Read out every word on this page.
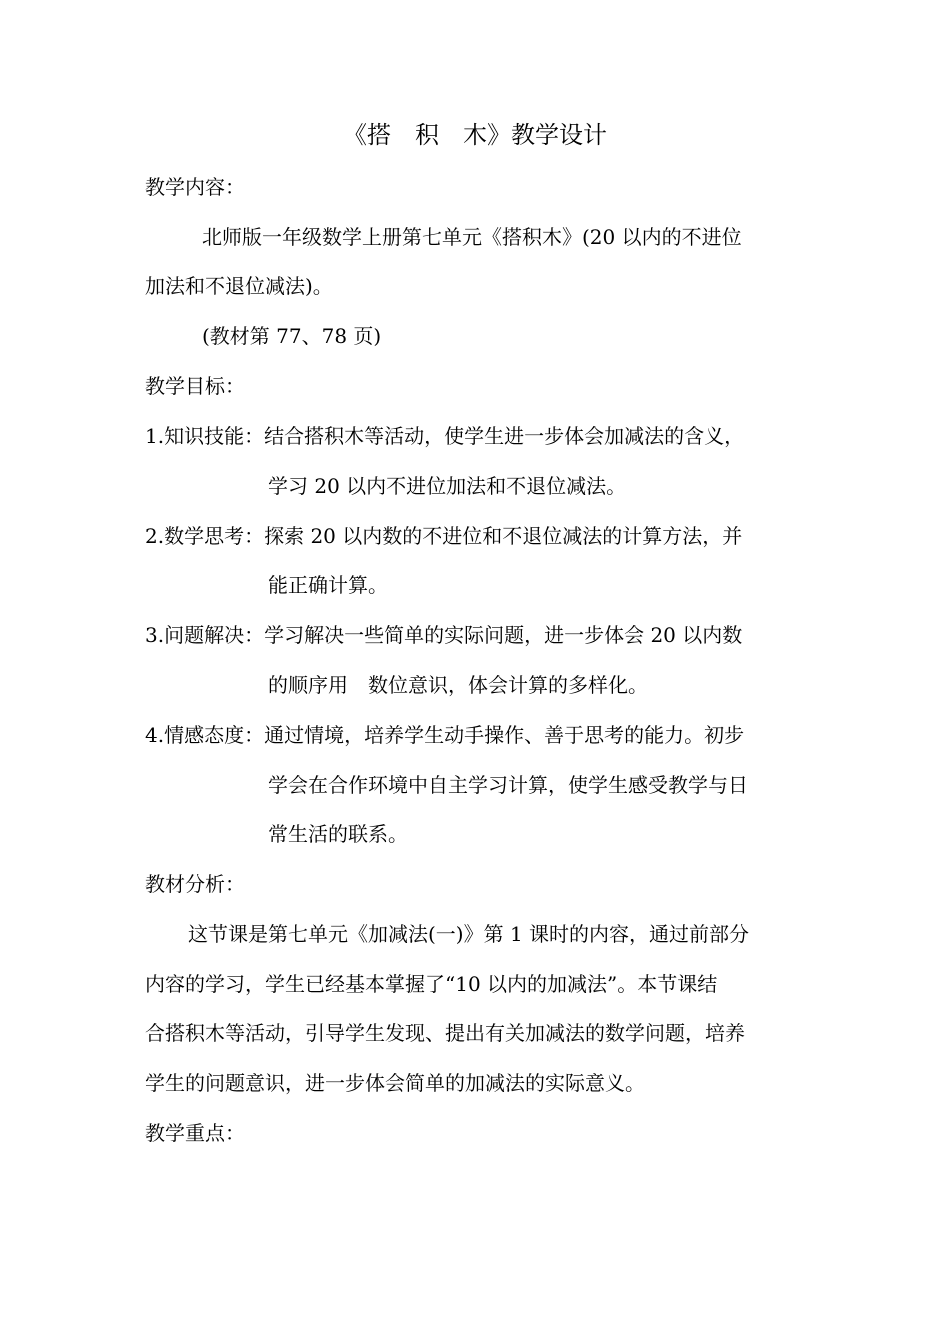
《搭　积　木》教学设计
教学内容：
北师版一年级数学上册第七单元《搭积木》(20 以内的不进位
加法和不退位减法)。
(教材第 77、78 页)
教学目标：
1.知识技能：结合搭积木等活动，使学生进一步体会加减法的含义，
学习 20 以内不进位加法和不退位减法。
2.数学思考：探索 20 以内数的不进位和不退位减法的计算方法，并
能正确计算。
3.问题解决：学习解决一些简单的实际问题，进一步体会 20 以内数
的顺序用　数位意识，体会计算的多样化。
4.情感态度：通过情境，培养学生动手操作、善于思考的能力。初步
学会在合作环境中自主学习计算，使学生感受教学与日
常生活的联系。
教材分析：
这节课是第七单元《加减法(一)》第 1 课时的内容，通过前部分
内容的学习，学生已经基本掌握了“10 以内的加减法”。本节课结
合搭积木等活动，引导学生发现、提出有关加减法的数学问题，培养
学生的问题意识，进一步体会简单的加减法的实际意义。
教学重点：
